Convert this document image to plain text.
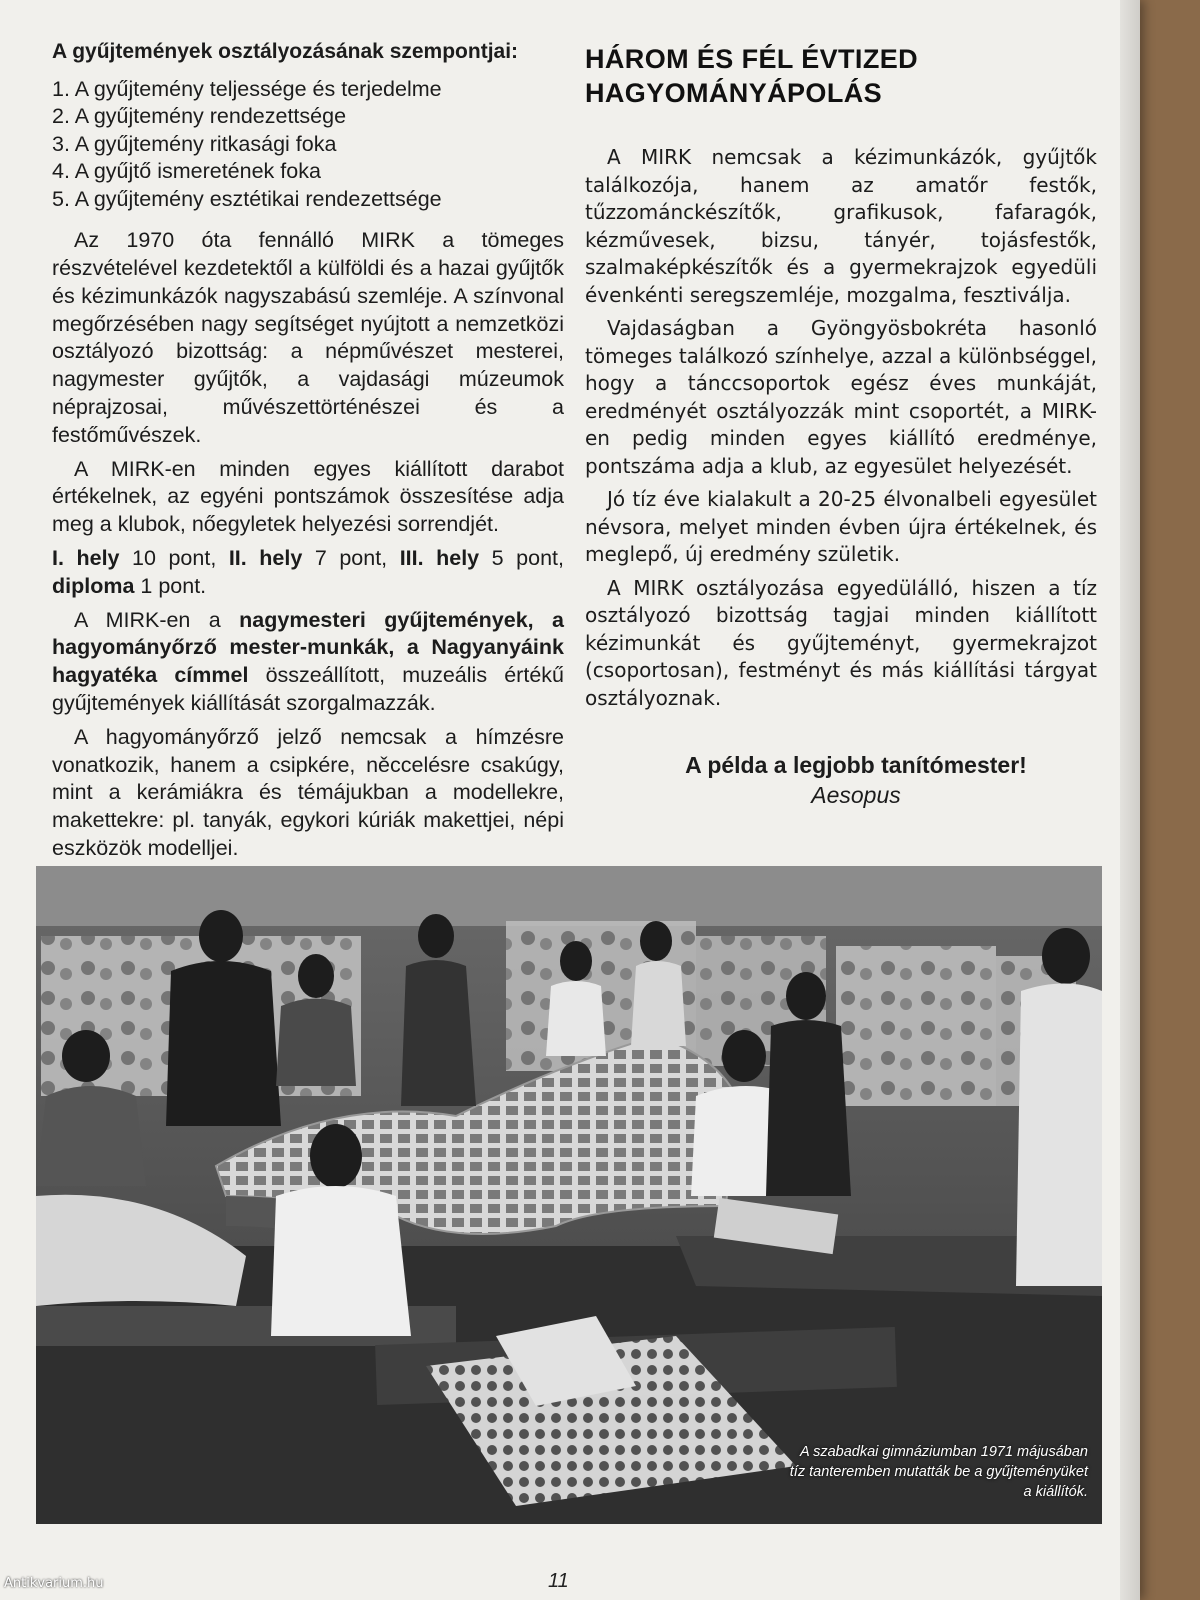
A gyűjtemények osztályozásának szempontjai:
1. A gyűjtemény teljessége és terjedelme
2. A gyűjtemény rendezettsége
3. A gyűjtemény ritkasági foka
4. A gyűjtő ismeretének foka
5. A gyűjtemény esztétikai rendezettsége

Az 1970 óta fennálló MIRK a tömeges részvételével kezdetektől a külföldi és a hazai gyűjtők és kézimunkázók nagyszabású szemléje. A színvonal megőrzésében nagy segítséget nyújtott a nemzetközi osztályozó bizottság: a népművészet mesterei, nagymester gyűjtők, a vajdasági múzeumok néprajzosai, művészettörténészei és a festőművészek.

A MIRK-en minden egyes kiállított darabot értékelnek, az egyéni pontszámok összesítése adja meg a klubok, nőegyletek helyezési sorrendjét.

I. hely 10 pont, II. hely 7 pont, III. hely 5 pont, diploma 1 pont.

A MIRK-en a nagymesteri gyűjtemények, a hagyományőrző mester-munkák, a Nagyanyáink hagyatéka címmel összeállított, muzeális értékű gyűjtemények kiállítását szorgalmazzák.

A hagyományőrző jelző nemcsak a hímzésre vonatkozik, hanem a csipkére, něccelésre csakúgy, mint a kerámiákra és témájukban a modellekre, makettekre: pl. tanyák, egykori kúriák makettjei, népi eszközök modelljei.

HÁROM ÉS FÉL ÉVTIZED
HAGYOMÁNYÁPOLÁS

A MIRK nemcsak a kézimunkázók, gyűjtők találkozója, hanem az amatőr festők, tűzzománckészítők, grafikusok, fafaragók, kézművesek, bizsu, tányér, tojásfestők, szalmaképkészítők és a gyermekrajzok egyedüli évenkénti seregszemléje, mozgalma, fesztiválja.

Vajdaságban a Gyöngyösbokréta hasonló tömeges találkozó színhelye, azzal a különbséggel, hogy a tánccsoportok egész éves munkáját, eredményét osztályozzák mint csoportét, a MIRK-en pedig minden egyes kiállító eredménye, pontszáma adja a klub, az egyesület helyezését.

Jó tíz éve kialakult a 20-25 élvonalbeli egyesület névsora, melyet minden évben újra értékelnek, és meglepő, új eredmény születik.

A MIRK osztályozása egyedülálló, hiszen a tíz osztályozó bizottság tagjai minden kiállított kézimunkát és gyűjteményt, gyermekrajzot (csoportosan), festményt és más kiállítási tárgyat osztályoznak.

A példa a legjobb tanítómester!
Aesopus
A szabadkai gimnáziumban 1971 májusában tíz tanteremben mutatták be a gyűjteményüket a kiállítók.
11
Antikvarium.hu
